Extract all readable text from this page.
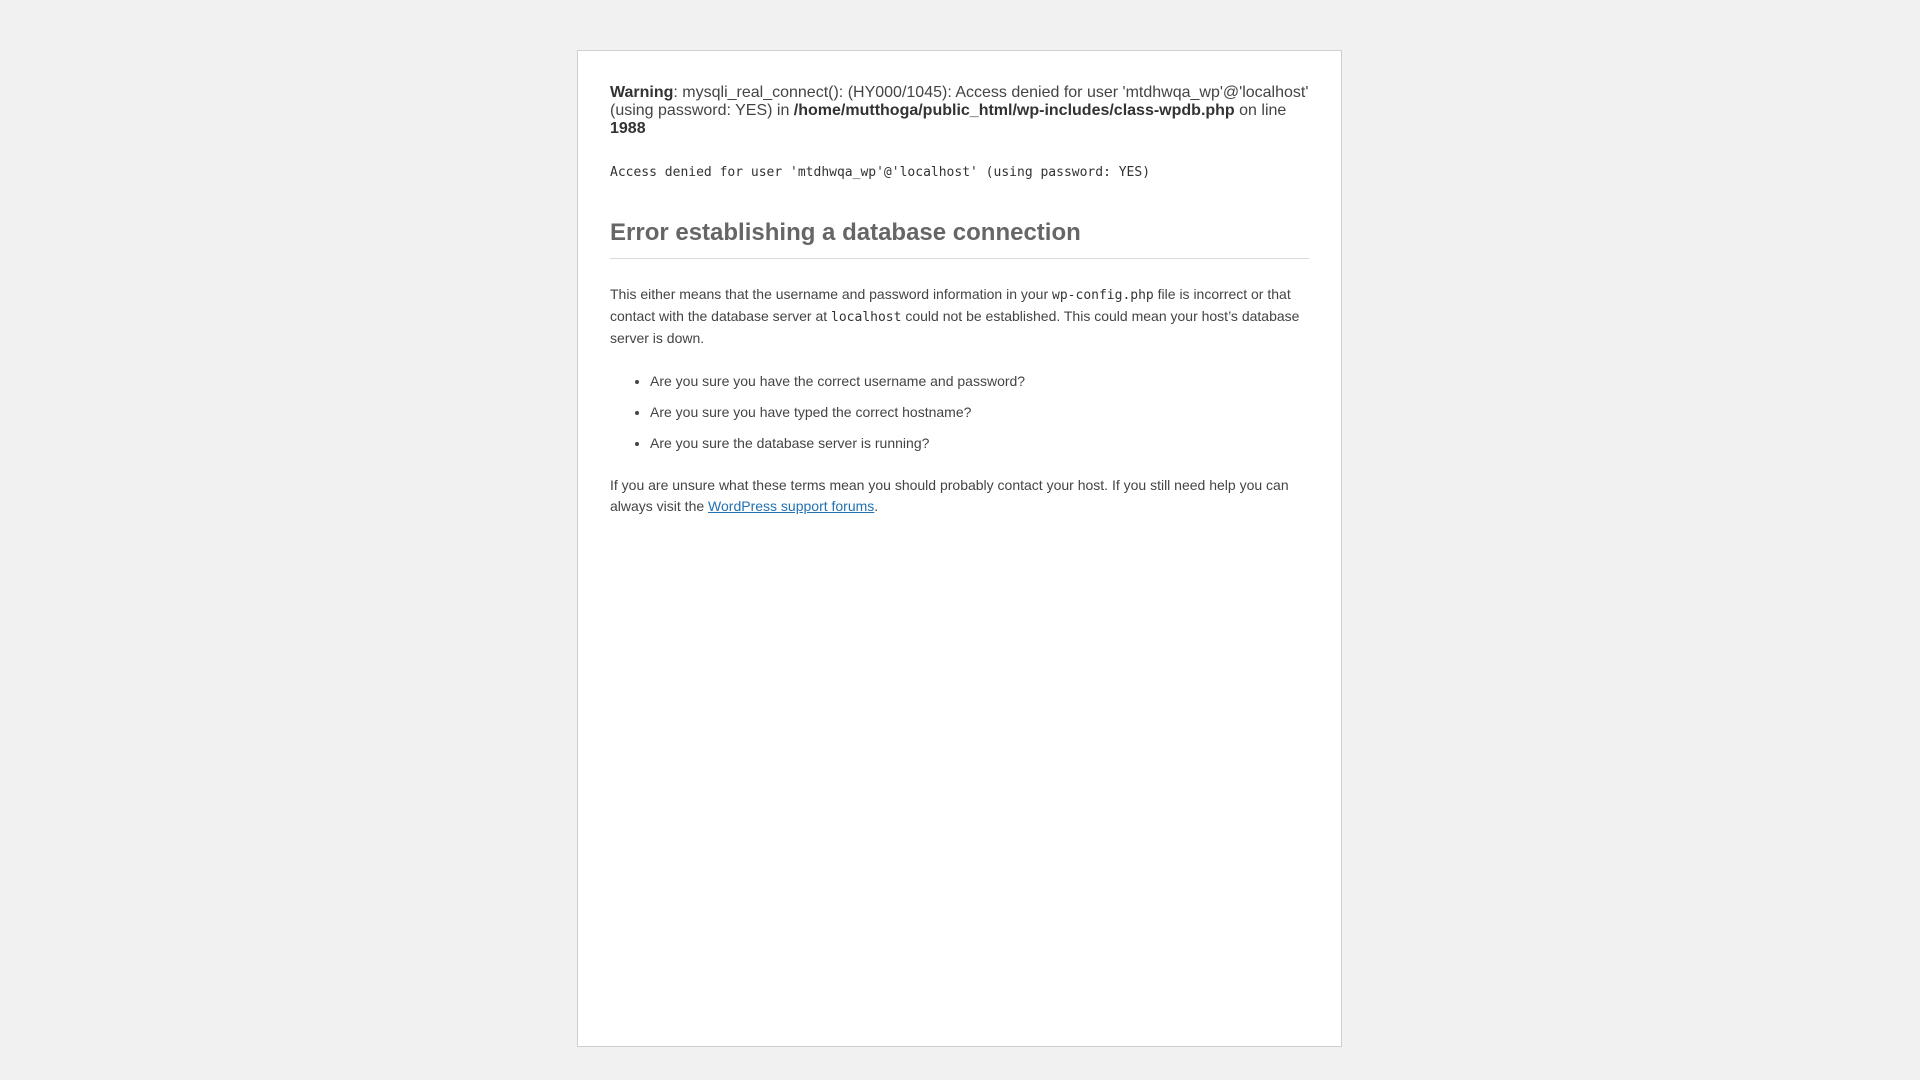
Warning: mysqli_real_connect(): (HY000/1045): Access denied for user 'mtdhwqa_wp'@'localhost' (using password: YES) in /home/mutthoga/public_html/wp-includes/class-wpdb.php on line 1988
Access denied for user 'mtdhwqa_wp'@'localhost' (using password: YES)
Error establishing a database connection

This either means that the username and password information in your wp-config.php file is incorrect or that contact with the database server at localhost could not be established. This could mean your host’s database server is down.

• Are you sure you have the correct username and password?
• Are you sure you have typed the correct hostname?
• Are you sure the database server is running?

If you are unsure what these terms mean you should probably contact your host. If you still need help you can always visit the WordPress support forums.
